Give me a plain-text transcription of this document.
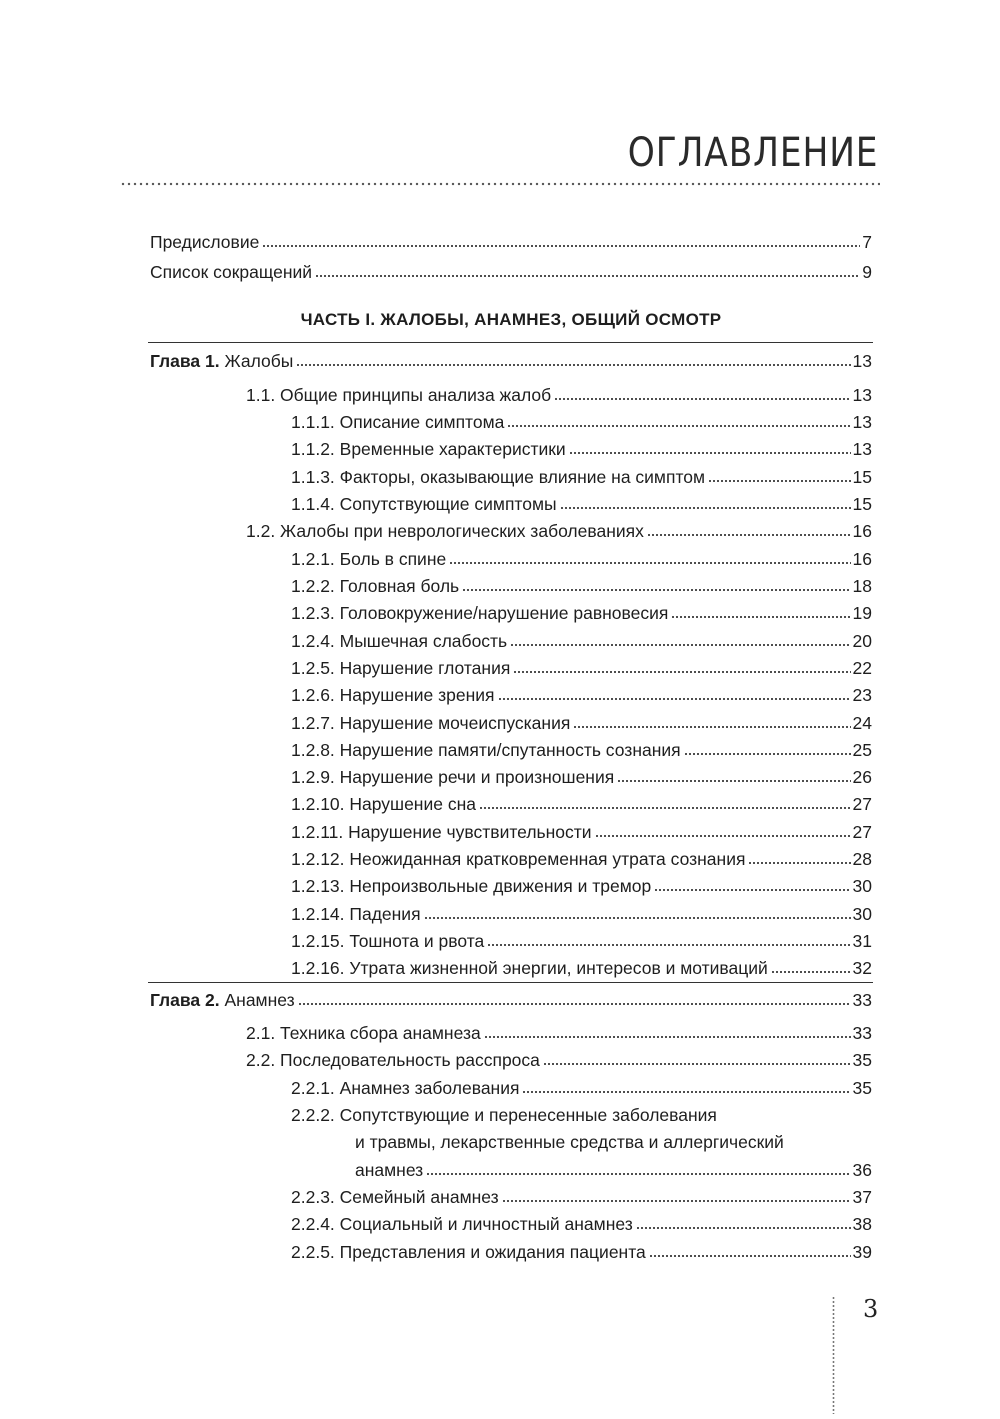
ОГЛАВЛЕНИЕ
Предисловие	7
Список сокращений	9
ЧАСТЬ I. ЖАЛОБЫ, АНАМНЕЗ, ОБЩИЙ ОСМОТР
Глава 1. Жалобы	13
1.1. Общие принципы анализа жалоб	13
1.1.1. Описание симптома	13
1.1.2. Временные характеристики	13
1.1.3. Факторы, оказывающие влияние на симптом	15
1.1.4. Сопутствующие симптомы	15
1.2. Жалобы при неврологических заболеваниях	16
1.2.1. Боль в спине	16
1.2.2. Головная боль	18
1.2.3. Головокружение/нарушение равновесия	19
1.2.4. Мышечная слабость	20
1.2.5. Нарушение глотания	22
1.2.6. Нарушение зрения	23
1.2.7. Нарушение мочеиспускания	24
1.2.8. Нарушение памяти/спутанность сознания	25
1.2.9. Нарушение речи и произношения	26
1.2.10. Нарушение сна	27
1.2.11. Нарушение чувствительности	27
1.2.12. Неожиданная кратковременная утрата сознания	28
1.2.13. Непроизвольные движения и тремор	30
1.2.14. Падения	30
1.2.15. Тошнота и рвота	31
1.2.16. Утрата жизненной энергии, интересов и мотиваций	32
Глава 2. Анамнез	33
2.1. Техника сбора анамнеза	33
2.2. Последовательность расспроса	35
2.2.1. Анамнез заболевания	35
2.2.2. Сопутствующие и перенесенные заболевания
и травмы, лекарственные средства и аллергический
анамнез	36
2.2.3. Семейный анамнез	37
2.2.4. Социальный и личностный анамнез	38
2.2.5. Представления и ожидания пациента	39
3
